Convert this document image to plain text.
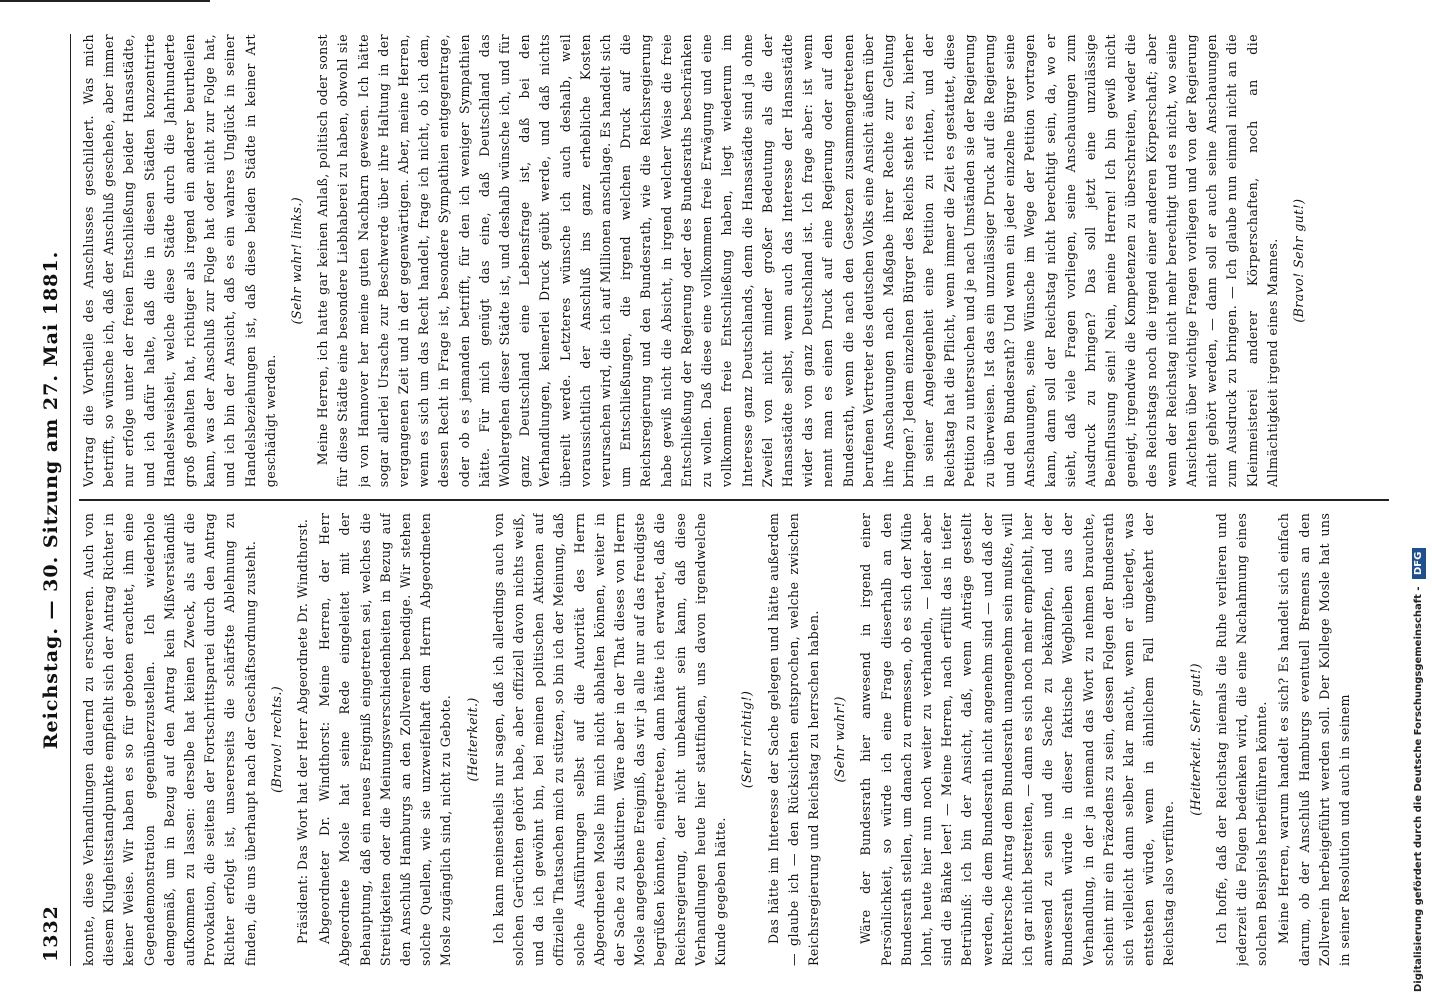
1332
Reichstag. — 30. Sitzung am 27. Mai 1881. konnte, diese Verhandlungen dauernd zu erschweren. Auch von diesem Klugheitsstandpunkte empfiehlt sich der Antrag Richter in keiner Weise. Wir haben es so für geboten erachtet, ihm eine Gegendemonstration gegenüberzustellen. Ich wiederhole demgemäß, um in Bezug auf den Antrag kein Mißverständniß aufkommen zu lassen: derselbe hat keinen Zweck, als auf die Provokation, die seitens der Fortschrittspartei durch den Antrag Richter erfolgt ist, unsererseits die schärfste Ablehnung zu finden, die uns überhaupt nach der Geschäftsordnung zusteht. (Bravo! rechts.) Präsident: Das Wort hat der Herr Abgeordnete Dr. Windthorst. Abgeordneter Dr. Windthorst: Meine Herren, der Herr Abgeordnete Mosle hat seine Rede eingeleitet mit der Behauptung, daß ein neues Ereigniß eingetreten sei, welches die Streitigkeiten oder die Meinungsverschiedenheiten in Bezug auf den Anschluß Hamburgs an den Zollverein beendige. Wir stehen solche Quellen, wie sie unzweifelhaft dem Herrn Abgeordneten Mosle zugänglich sind, nicht zu Gebote. (Heiterkeit.) Ich kann meinestheils nur sagen, daß ich allerdings auch von solchen Gerüchten gehört habe, aber offiziell davon nichts weiß, und da ich gewöhnt bin, bei meinen politischen Aktionen auf offizielle Thatsachen mich zu stützen, so bin ich der Meinung, daß solche Ausführungen selbst auf die Autorität des Herrn Abgeordneten Mosle hin mich nicht abhalten können, weiter in der Sache zu diskutiren. Wäre aber in der That dieses von Herrn Mosle angegebene Ereigniß, das wir ja alle nur auf das freudigste begrüßen könnten, eingetreten, dann hätte ich erwartet, daß die Reichsregierung, der nicht unbekannt sein kann, daß diese Verhandlungen heute hier stattfinden, uns davon irgendwelche Kunde gegeben hätte.

(Sehr richtig!) Das hätte im Interesse der Sache gelegen und hätte außerdem — glaube ich — den Rücksichten entsprochen, welche zwischen Reichsregierung und Reichstag zu herrschen haben. (Sehr wahr!) Wäre der Bundesrath hier anwesend in irgend einer Persönlichkeit, so würde ich eine Frage dieserhalb an den Bundesrath stellen, um danach zu ermessen, ob es sich der Mühe lohnt, heute hier nun noch weiter zu verhandeln, — leider aber sind die Bänke leer! — Meine Herren, nach erfüllt das in tiefer Betrübniß: ich bin der Ansicht, daß, wenn Anträge gestellt werden, die dem Bundesrath nicht angenehm sind — und daß der Richtersche Antrag dem Bundesrath unangenehm sein mußte, will ich gar nicht bestreiten, — dann es sich noch mehr empfiehlt, hier anwesend zu sein und die Sache zu bekämpfen, und der Bundesrath würde in dieser faktische Wegbleiben aus der Verhandlung, in der ja niemand das Wort zu nehmen brauchte, scheint mir ein Präzedens zu sein, dessen Folgen der Bundesrath sich vielleicht dann selber klar macht, wenn er überlegt, was entstehen würde, wenn in ähnlichem Fall umgekehrt der Reichstag also verführe.

(Heiterkeit. Sehr gut!) Ich hoffe, daß der Reichstag niemals die Ruhe verlieren und jederzeit die Folgen bedenken wird, die eine Nachahmung eines solchen Beispiels herbeiführen könnte. Meine Herren, warum handelt es sich? Es handelt sich einfach darum, ob der Anschluß Hamburgs eventuell Bremens an den Zollverein herbeigeführt werden soll. Der Kollege Mosle hat uns in seiner Resolution und auch in seinem

Vortrag die Vortheile des Anschlusses geschildert. Was mich betrifft, so wünsche ich, daß der Anschluß geschehe, aber immer nur erfolge unter der freien Entschließung beider Hansastädte, und ich dafür halte, daß die in diesen Städten konzentrirte Handelsweisheit, welche diese Städte durch die Jahrhunderte groß gehalten hat, richtiger als irgend ein anderer beurtheilen kann, was der Anschluß zur Folge hat oder nicht zur Folge hat, und ich bin der Ansicht, daß es ein wahres Unglück in seiner Handelsbeziehungen ist, daß diese beiden Städte in keiner Art geschädigt werden.

(Sehr wahr! links.) Meine Herren, ich hatte gar keinen Anlaß, politisch oder sonst für diese Städte eine besondere Liebhaberei zu haben, obwohl sie ja von Hannover her meine guten Nachbarn gewesen. Ich hätte sogar allerlei Ursache zur Beschwerde über ihre Haltung in der vergangenen Zeit und in der gegenwärtigen. Aber, meine Herren, wenn es sich um das Recht handelt, frage ich nicht, ob ich dem, dessen Recht in Frage ist, besondere Sympathien entgegentrage, oder ob es jemanden betrifft, für den ich weniger Sympathien hätte. Für mich genügt das eine, daß Deutschland das Wohlergehen dieser Städte ist, und deshalb wünsche ich, und für ganz Deutschland eine Lebensfrage ist, daß bei den Verhandlungen, keinerlei Druck geübt werde, und daß nichts übereilt werde. Letzteres wünsche ich auch deshalb, weil voraussichtlich der Anschluß ins ganz erhebliche Kosten verursachen wird, die ich auf Millionen anschlage. Es handelt sich um Entschließungen, die irgend welchen Druck auf die Reichsregierung und den Bundesrath, wie die Reichsregierung habe gewiß nicht die Absicht, in irgend welcher Weise die freie Entschließung der Regierung oder des Bundesraths beschränken zu wollen. Daß diese eine vollkommen freie Erwägung und eine vollkommen freie Entschließung haben, liegt wiederum im Interesse ganz Deutschlands, denn die Hansastädte sind ja ohne Zweifel von nicht minder großer Bedeutung als die der Hansastädte selbst, wenn auch das Interesse der Hansastädte wider das von ganz Deutschland ist. Ich frage aber: ist wenn nennt man es einen Druck auf eine Regierung oder auf den Bundesrath, wenn die nach den Gesetzen zusammengetretenen berufenen Vertreter des deutschen Volks eine Ansicht äußern über ihre Anschauungen nach Maßgabe ihrer Rechte zur Geltung bringen? Jedem einzelnen Bürger des Reichs steht es zu, hierher in seiner Angelegenheit eine Petition zu richten, und der Reichstag hat die Pflicht, wenn immer die Zeit es gestattet, diese Petition zu untersuchen und je nach Umständen sie der Regierung zu überweisen. Ist das ein unzulässiger Druck auf die Regierung und den Bundesrath? Und wenn ein jeder einzelne Bürger seine Anschauungen, seine Wünsche im Wege der Petition vortragen kann, dann soll der Reichstag nicht berechtigt sein, da, wo er sieht, daß viele Fragen vorliegen, seine Anschauungen zum Ausdruck zu bringen? Das soll jetzt eine unzulässige Beeinflussung sein! Nein, meine Herren! Ich bin gewiß nicht geneigt, irgendwie die Kompetenzen zu überschreiten, weder die des Reichstags noch die irgend einer anderen Körperschaft; aber wenn der Reichstag nicht mehr berechtigt und es nicht, wo seine Ansichten über wichtige Fragen vorliegen und von der Regierung nicht gehört werden, — dann soll er auch seine Anschauungen zum Ausdruck zu bringen. — Ich glaube nun einmal nicht an die Kleinmeisterei anderer Körperschaften, noch an die Allmächtigkeit irgend eines Mannes. (Bravo! Sehr gut!)

Digitalisierung gefördert durch die Deutsche Forschungsgemeinschaft - DFG
